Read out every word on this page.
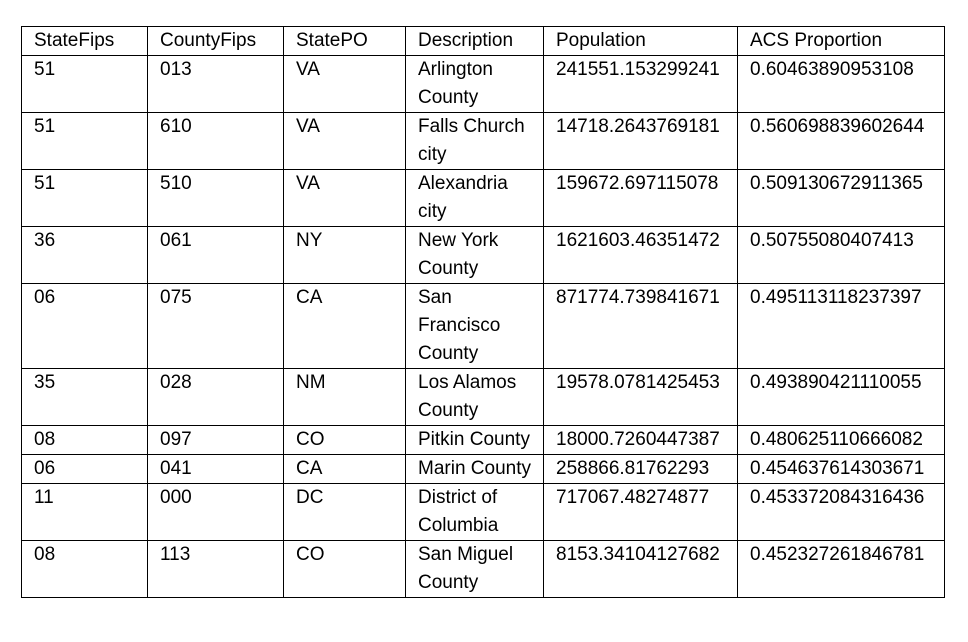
StateFips	CountyFips	StatePO	Description	Population	ACS Proportion
51	013	VA	Arlington County	241551.153299241	0.60463890953108
51	610	VA	Falls Church city	14718.2643769181	0.560698839602644
51	510	VA	Alexandria city	159672.697115078	0.509130672911365
36	061	NY	New York County	1621603.46351472	0.50755080407413
06	075	CA	San Francisco County	871774.739841671	0.495113118237397
35	028	NM	Los Alamos County	19578.0781425453	0.493890421110055
08	097	CO	Pitkin County	18000.7260447387	0.480625110666082
06	041	CA	Marin County	258866.81762293	0.454637614303671
11	000	DC	District of Columbia	717067.48274877	0.453372084316436
08	113	CO	San Miguel County	8153.34104127682	0.452327261846781
